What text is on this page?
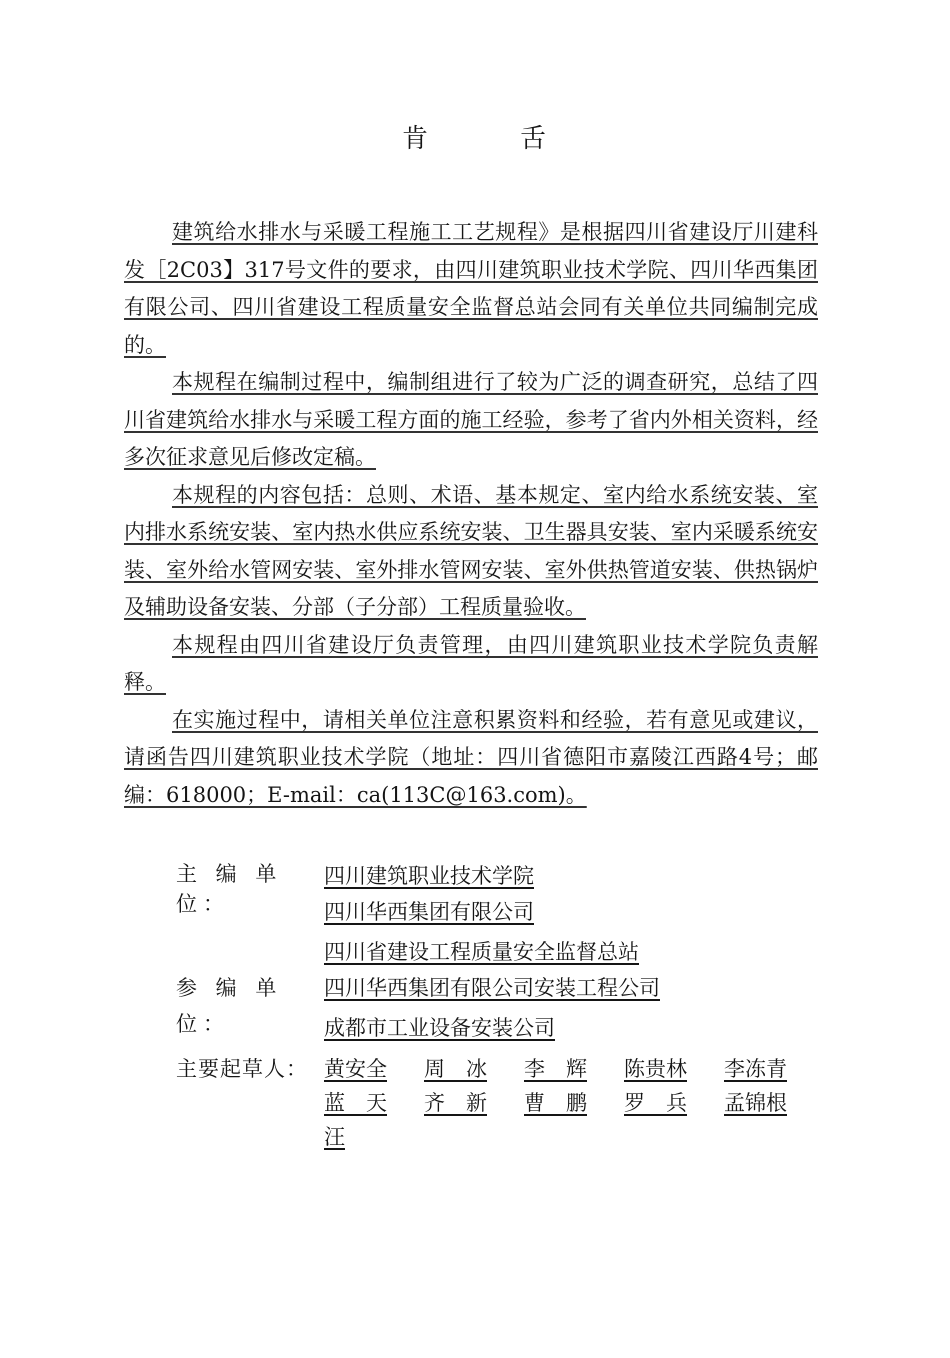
肯	舌

建筑给水排水与采暖工程施工工艺规程》是根据四川省建设厅川建科发［2C03】317号文件的要求，由四川建筑职业技术学院、四川华西集团有限公司、四川省建设工程质量安全监督总站会同有关单位共同编制完成的。

本规程在编制过程中，编制组进行了较为广泛的调查研究，总结了四川省建筑给水排水与采暖工程方面的施工经验，参考了省内外相关资料，经多次征求意见后修改定稿。

本规程的内容包括：总则、术语、基本规定、室内给水系统安装、室内排水系统安装、室内热水供应系统安装、卫生器具安装、室内采暖系统安装、室外给水管网安装、室外排水管网安装、室外供热管道安装、供热锅炉及辅助设备安装、分部（子分部）工程质量验收。

本规程由四川省建设厅负责管理，由四川建筑职业技术学院负责解释。

在实施过程中，请相关单位注意积累资料和经验，若有意见或建议，请函告四川建筑职业技术学院（地址：四川省德阳市嘉陵江西路4号；邮编：618000；E-mail：ca(113C@163.com)。

主 编 单 位：
四川建筑职业技术学院
四川华西集团有限公司
四川省建设工程质量安全监督总站
参 编 单 位：
四川华西集团有限公司安装工程公司
成都市工业设备安装公司
主要起草人： 黄安全	周　冰	李　辉	陈贵林	李冻青
蓝　天	齐　新	曹　鹏	罗　兵	孟锦根
汪
